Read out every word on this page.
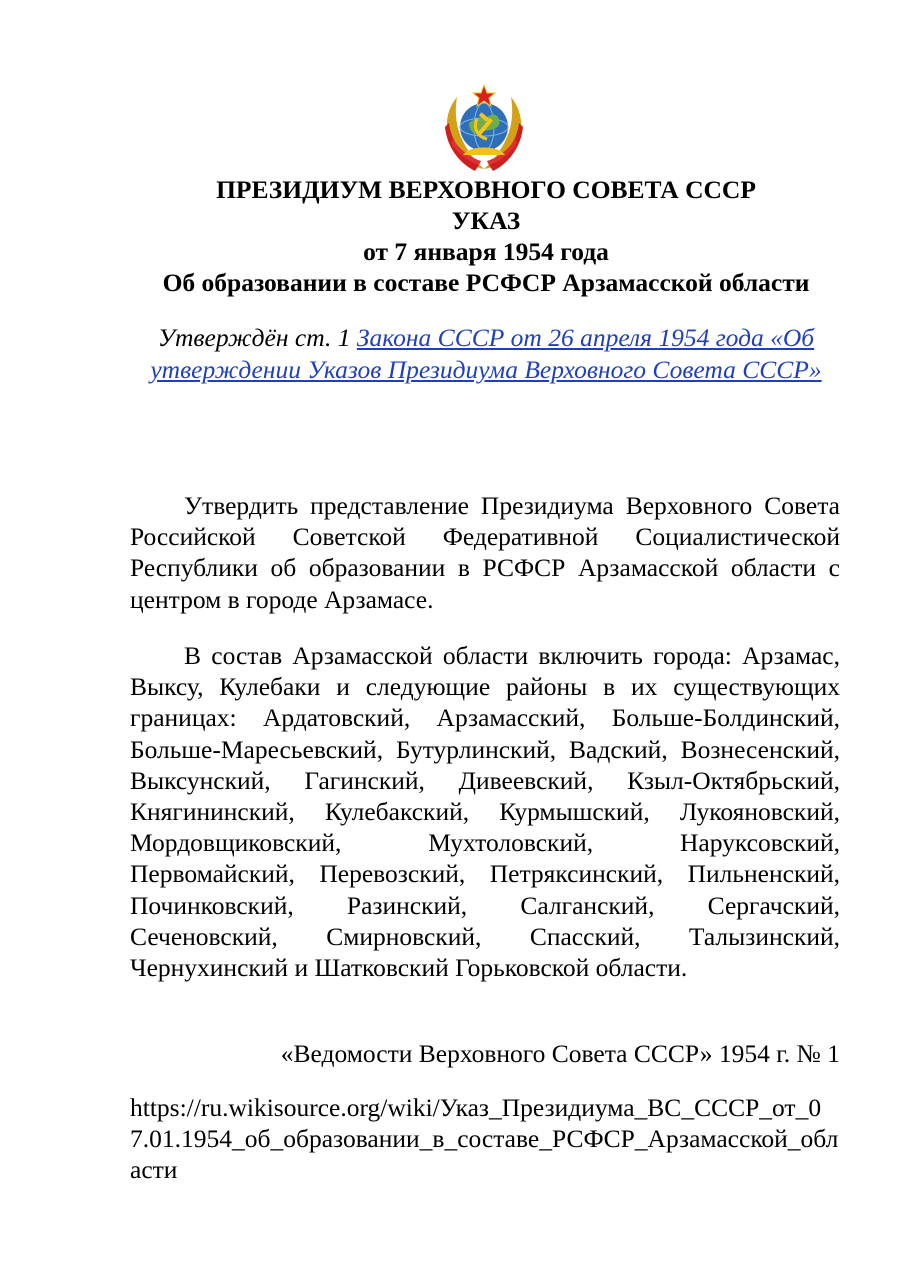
ПРЕЗИДИУМ ВЕРХОВНОГО СОВЕТА СССР
УКАЗ
от 7 января 1954 года
Об образовании в составе РСФСР Арзамасской области
Утверждён ст. 1 Закона СССР от 26 апреля 1954 года «Об утверждении Указов Президиума Верховного Совета СССР»
Утвердить представление Президиума Верховного Совета Российской Советской Федеративной Социалистической Республики об образовании в РСФСР Арзамасской области с центром в городе Арзамасе.
В состав Арзамасской области включить города: Арзамас, Выксу, Кулебаки и следующие районы в их существующих границах: Ардатовский, Арзамасский, Больше-Болдинский, Больше-Маресьевский, Бутурлинский, Вадский, Вознесенский, Выксунский, Гагинский, Дивеевский, Кзыл-Октябрьский, Княгининский, Кулебакский, Курмышский, Лукояновский, Мордовщиковский, Мухтоловский, Наруксовский, Первомайский, Перевозский, Петряксинский, Пильненский, Починковский, Разинский, Салганский, Сергачский, Сеченовский, Смирновский, Спасский, Талызинский, Чернухинский и Шатковский Горьковской области.
«Ведомости Верховного Совета СССР» 1954 г. № 1
https://ru.wikisource.org/wiki/Указ_Президиума_ВС_СССР_от_07.01.1954_об_образовании_в_составе_РСФСР_Арзамасской_области
